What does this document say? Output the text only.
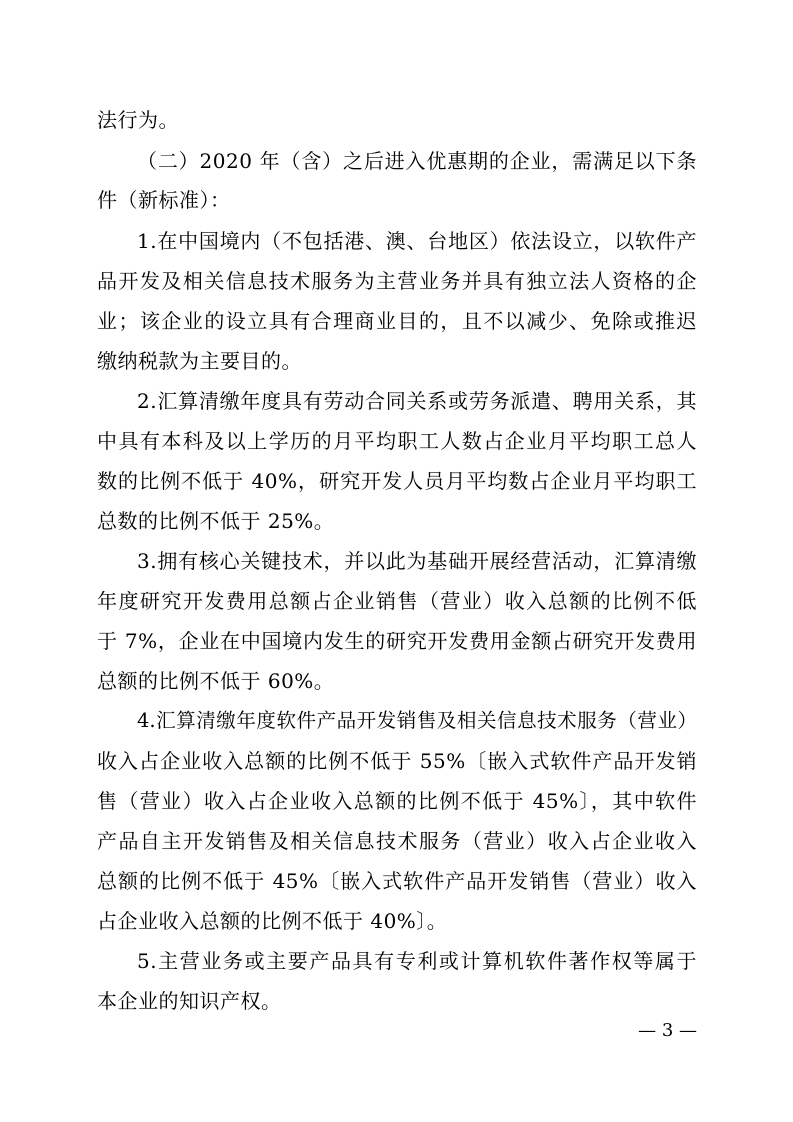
法行为。
（二）2020 年（含）之后进入优惠期的企业，需满足以下条
件（新标准）：
1.在中国境内（不包括港、澳、台地区）依法设立，以软件产
品开发及相关信息技术服务为主营业务并具有独立法人资格的企
业；该企业的设立具有合理商业目的，且不以减少、免除或推迟
缴纳税款为主要目的。
2.汇算清缴年度具有劳动合同关系或劳务派遣、聘用关系，其
中具有本科及以上学历的月平均职工人数占企业月平均职工总人
数的比例不低于 40%，研究开发人员月平均数占企业月平均职工
总数的比例不低于 25%。
3.拥有核心关键技术，并以此为基础开展经营活动，汇算清缴
年度研究开发费用总额占企业销售（营业）收入总额的比例不低
于 7%，企业在中国境内发生的研究开发费用金额占研究开发费用
总额的比例不低于 60%。
4.汇算清缴年度软件产品开发销售及相关信息技术服务（营业）
收入占企业收入总额的比例不低于 55%〔嵌入式软件产品开发销
售（营业）收入占企业收入总额的比例不低于 45%〕，其中软件
产品自主开发销售及相关信息技术服务（营业）收入占企业收入
总额的比例不低于 45%〔嵌入式软件产品开发销售（营业）收入
占企业收入总额的比例不低于 40%〕。
5.主营业务或主要产品具有专利或计算机软件著作权等属于
本企业的知识产权。
— 3 —
